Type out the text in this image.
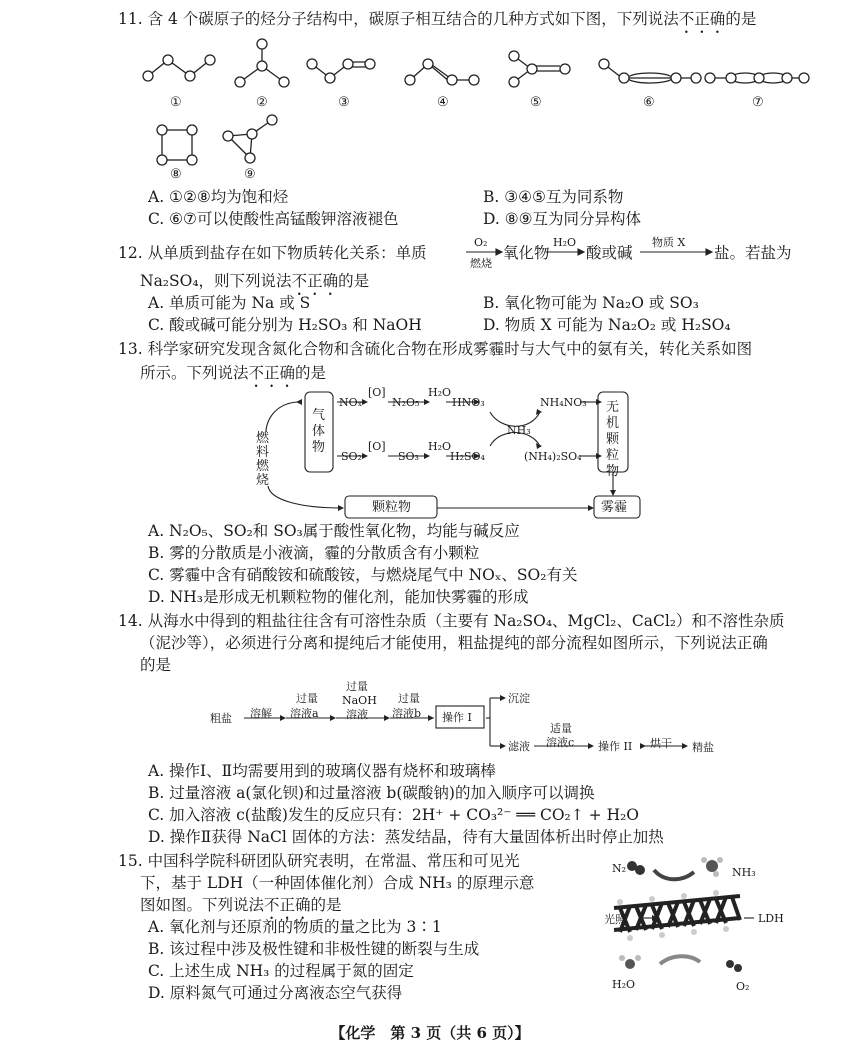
11. 含 4 个碳原子的烃分子结构中，碳原子相互结合的几种方式如下图，下列说法不正确的是
①	②	③	④	⑤	⑥	⑦
⑧	⑨
A. ①②⑧均为饱和烃	B. ③④⑤互为同系物
C. ⑥⑦可以使酸性高锰酸钾溶液褪色	D. ⑧⑨互为同分异构体
12. 从单质到盐存在如下物质转化关系：单质
O₂
燃烧
氧化物
H₂O
酸或碱
物质 X
盐。若盐为
Na₂SO₄，则下列说法不正确的是
A. 单质可能为 Na 或 S	B. 氧化物可能为 Na₂O 或 SO₃
C. 酸或碱可能分别为 H₂SO₃ 和 NaOH	D. 物质 X 可能为 Na₂O₂ 或 H₂SO₄
13. 科学家研究发现含氮化合物和含硫化合物在形成雾霾时与大气中的氨有关，转化关系如图
所示。下列说法不正确的是
燃料燃烧
气体物
无机颗粒物
颗粒物	雾霾
NOₓ
[O]
N₂O₅
H₂O
HNO₃	NH₄NO₃
NH₃
SO₂
[O]
SO₃
H₂O
H₂SO₄	(NH₄)₂SO₄
A. N₂O₅、SO₂和 SO₃属于酸性氧化物，均能与碱反应
B. 雾的分散质是小液滴，霾的分散质含有小颗粒
C. 雾霾中含有硝酸铵和硫酸铵，与燃烧尾气中 NOₓ、SO₂有关
D. NH₃是形成无机颗粒物的催化剂，能加快雾霾的形成
14. 从海水中得到的粗盐往往含有可溶性杂质（主要有 Na₂SO₄、MgCl₂、CaCl₂）和不溶性杂质
（泥沙等），必须进行分离和提纯后才能使用，粗盐提纯的部分流程如图所示，下列说法正确
的是
粗盐 溶解
过量
溶液a
过量
NaOH
溶液
过量
溶液b 操作 I
沉淀
滤液
适量
溶液c 操作 II 烘干 精盐
A. 操作Ⅰ、Ⅱ均需要用到的玻璃仪器有烧杯和玻璃棒
B. 过量溶液 a(氯化钡)和过量溶液 b(碳酸钠)的加入顺序可以调换
C. 加入溶液 c(盐酸)发生的反应只有：2H⁺ + CO₃²⁻ ══ CO₂↑ + H₂O
D. 操作Ⅱ获得 NaCl 固体的方法：蒸发结晶，待有大量固体析出时停止加热
15. 中国科学院科研团队研究表明，在常温、常压和可见光
下，基于 LDH（一种固体催化剂）合成 NH₃ 的原理示意
图如图。下列说法不正确的是
A. 氧化剂与还原剂的物质的量之比为 3∶1
B. 该过程中涉及极性键和非极性键的断裂与生成
C. 上述生成 NH₃ 的过程属于氮的固定
D. 原料氮气可通过分离液态空气获得
N₂	NH₃
光照	LDH
H₂O	O₂
【化学　第 3 页（共 6 页）】
